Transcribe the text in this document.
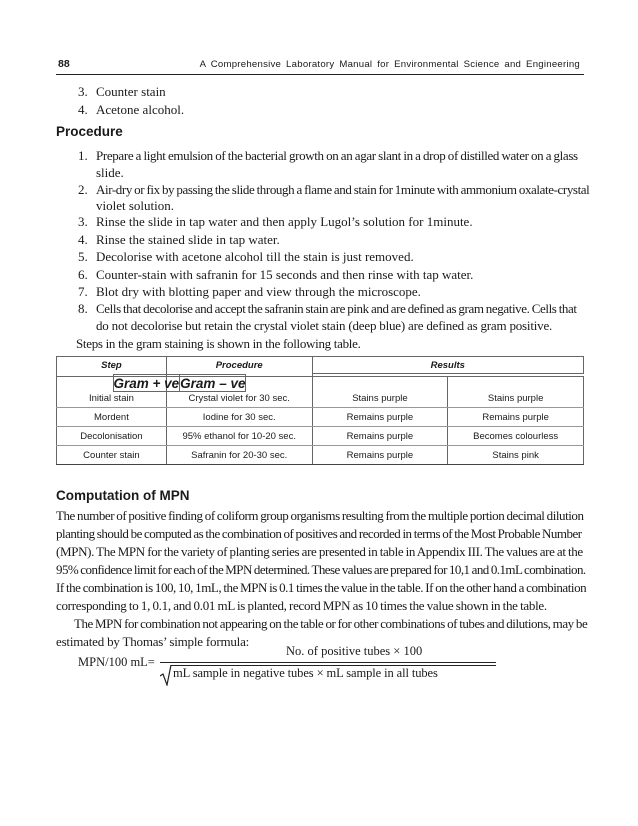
88	A Comprehensive Laboratory Manual for Environmental Science and Engineering
3. Counter stain
4. Acetone alcohol.
Procedure
1. Prepare a light emulsion of the bacterial growth on an agar slant in a drop of distilled water on a glass
slide.
2. Air-dry or fix by passing the slide through a flame and stain for 1minute with ammonium oxalate-crystal
violet solution.
3. Rinse the slide in tap water and then apply Lugol’s solution for 1minute.
4. Rinse the stained slide in tap water.
5. Decolorise with acetone alcohol till the stain is just removed.
6. Counter-stain with safranin for 15 seconds and then rinse with tap water.
7. Blot dry with blotting paper and view through the microscope.
8. Cells that decolorise and accept the safranin stain are pink and are defined as gram negative. Cells that
do not decolorise but retain the crystal violet stain (deep blue) are defined as gram positive.
Steps in the gram staining is shown in the following table.
Step	Procedure	Results

Gram + ve	Gram – ve

Initial stain	Crystal violet for 30 sec.	Stains purple	Stains purple
Mordent	Iodine for 30 sec.	Remains purple	Remains purple
Decolonisation	95% ethanol for 10-20 sec.	Remains purple	Becomes colourless
Counter stain	Safranin for 20-30 sec.	Remains purple	Stains pink
Computation of MPN
The number of positive finding of coliform group organisms resulting from the multiple portion decimal dilution
planting should be computed as the combination of positives and recorded in terms of the Most Probable Number
(MPN). The MPN for the variety of planting series are presented in table in Appendix III. The values are at the
95% confidence limit for each of the MPN determined. These values are prepared for 10,1 and 0.1mL combination.
If the combination is 100, 10, 1mL, the MPN is 0.1 times the value in the table. If on the other hand a combination
corresponding to 1, 0.1, and 0.01 mL is planted, record MPN as 10 times the value shown in the table.
The MPN for combination not appearing on the table or for other combinations of tubes and dilutions, may be
estimated by Thomas’ simple formula:
MPN/100 mL=
No. of positive tubes × 100
mL sample in negative tubes × mL sample in all tubes
